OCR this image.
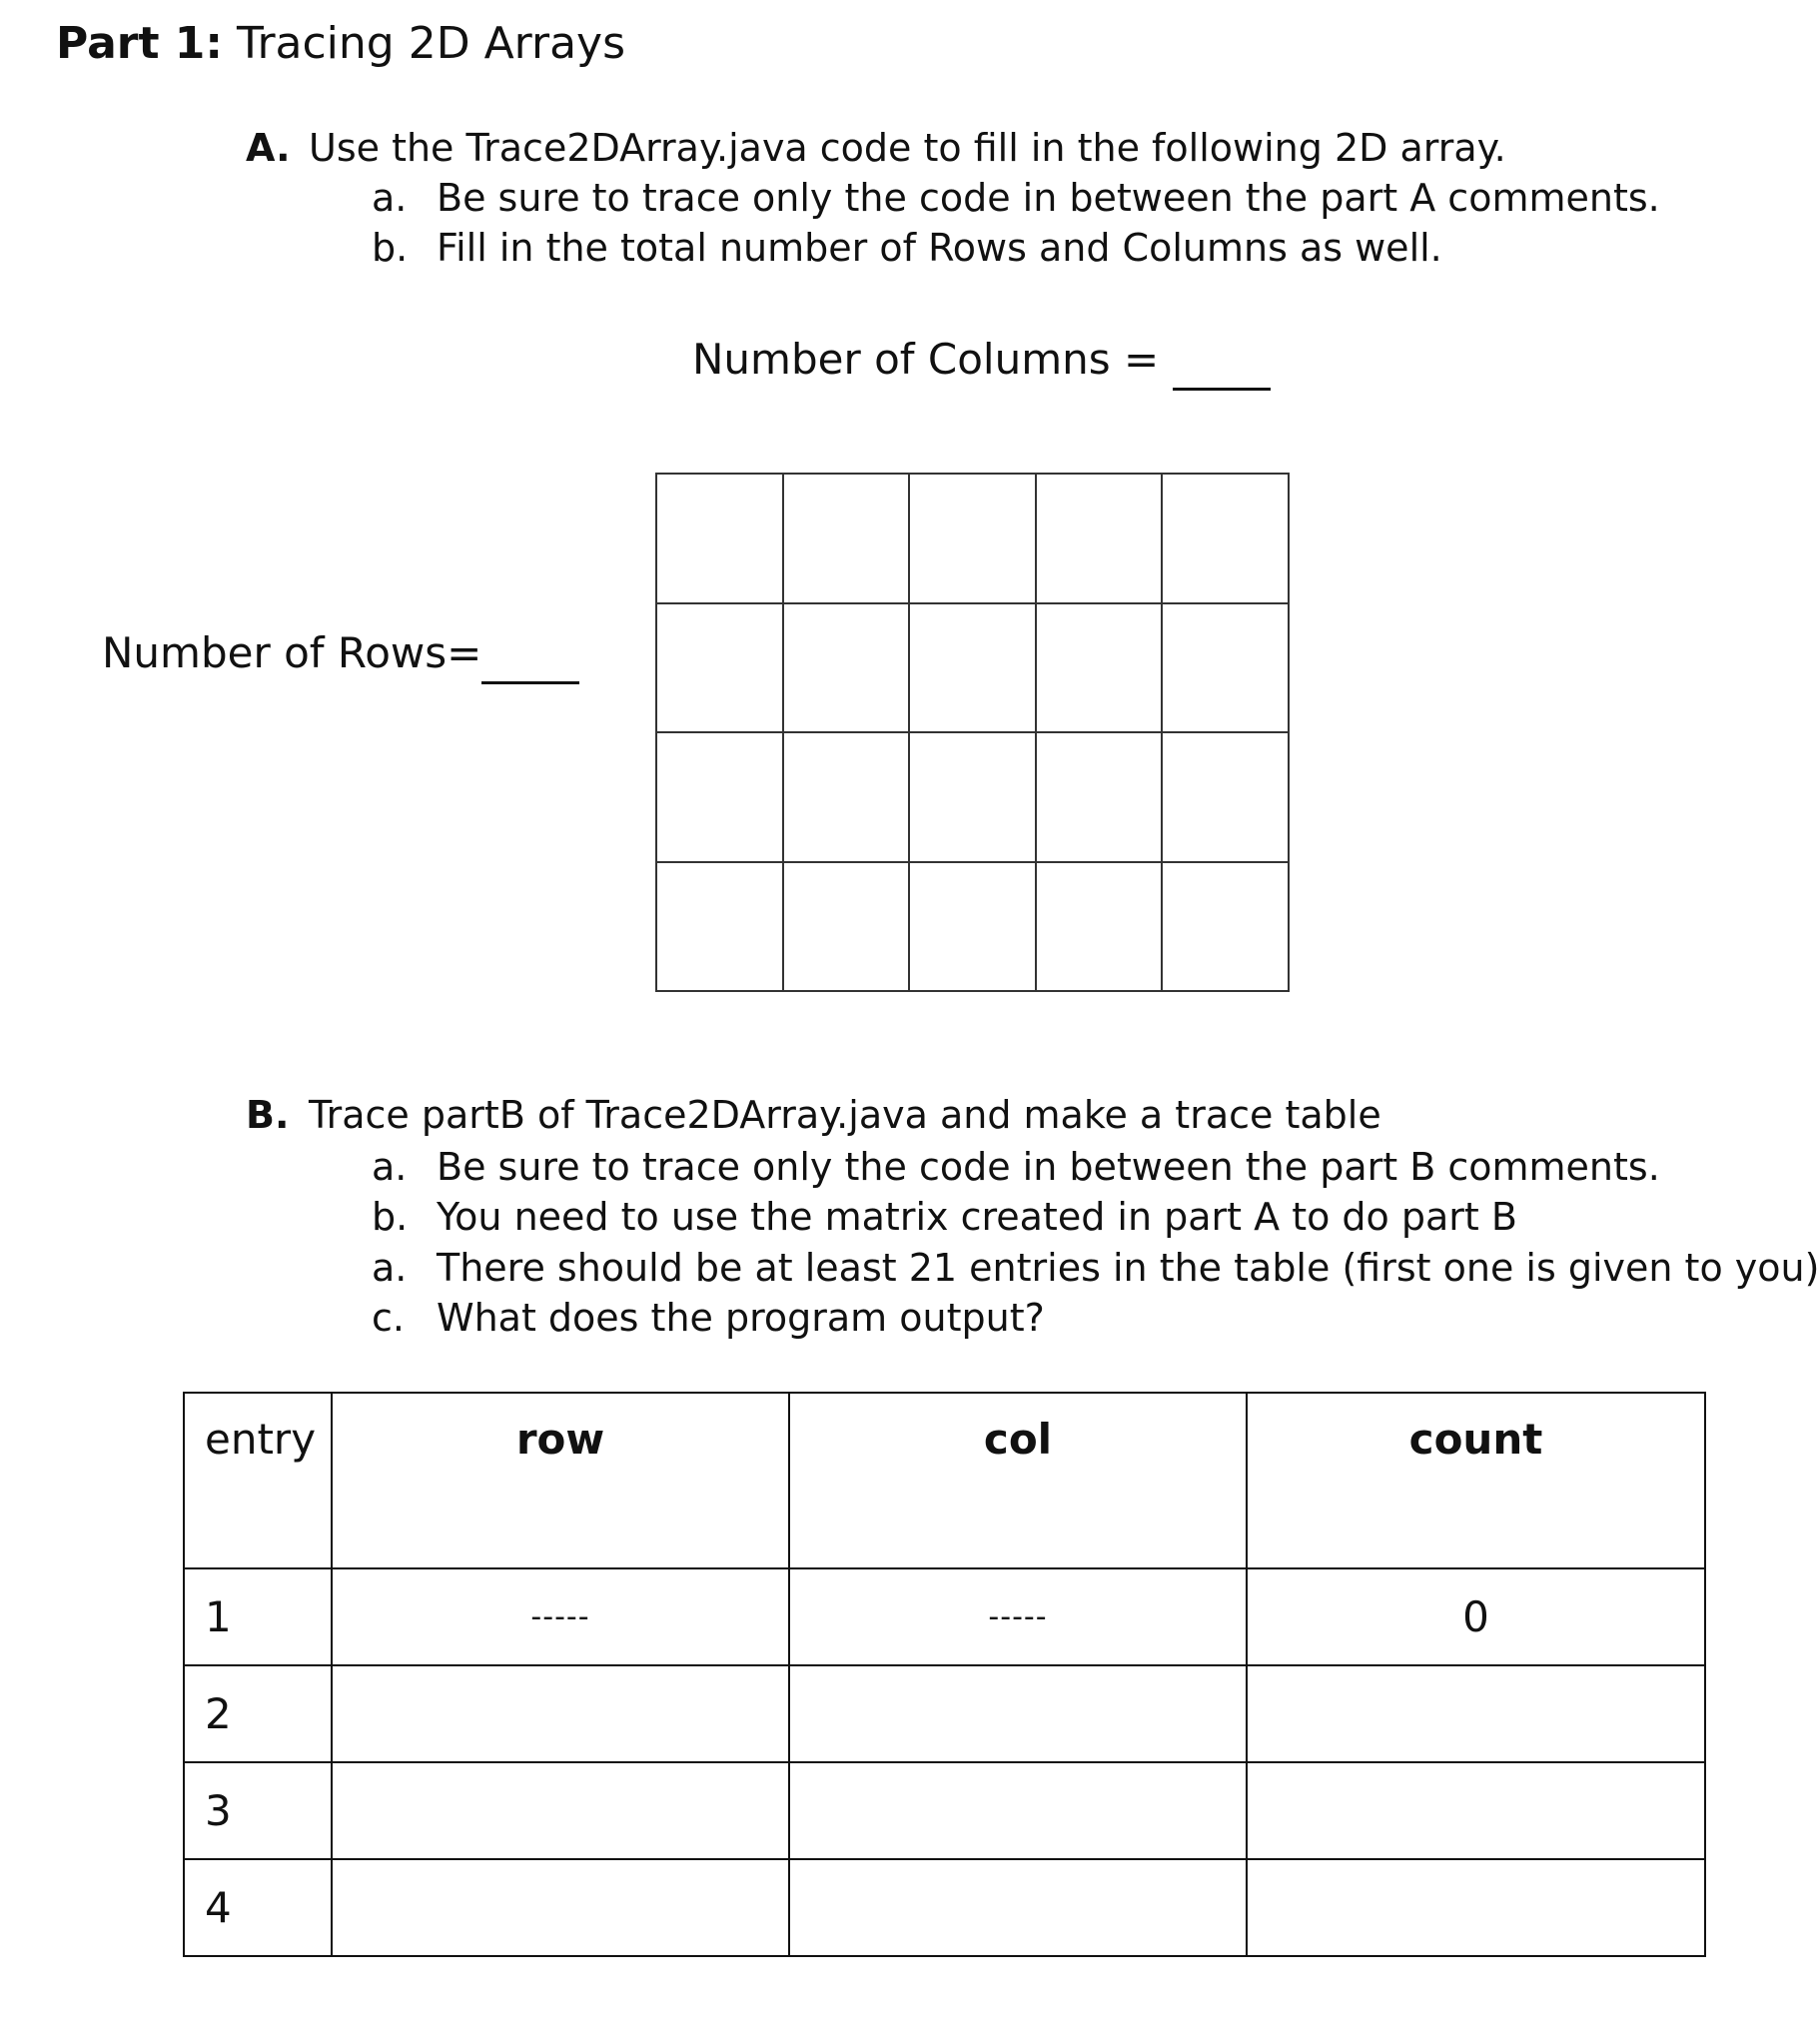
Part 1: Tracing 2D Arrays
A. Use the Trace2DArray.java code to fill in the following 2D array.
a. Be sure to trace only the code in between the part A comments.
b. Fill in the total number of Rows and Columns as well.
Number of Columns =
Number of Rows=

B. Trace partB of Trace2DArray.java and make a trace table
a. Be sure to trace only the code in between the part B comments.
b. You need to use the matrix created in part A to do part B
a. There should be at least 21 entries in the table (first one is given to you)
c. What does the program output?
entry	row	col	count
1	-----	-----	0
2			
3			
4			
